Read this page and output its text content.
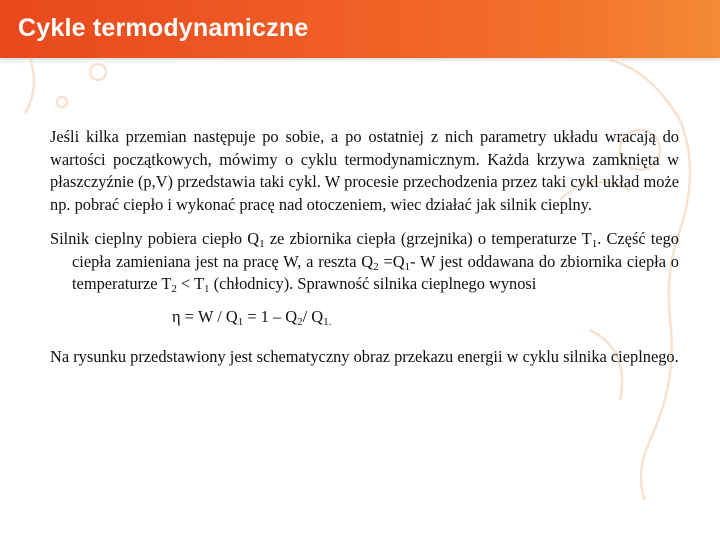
Cykle termodynamiczne

Jeśli kilka przemian następuje po sobie, a po ostatniej z nich parametry układu wracają do wartości początkowych, mówimy o cyklu termodynamicznym. Każda krzywa zamknięta w płaszczyźnie (p,V) przedstawia taki cykl. W procesie przechodzenia przez taki cykl układ może np. pobrać ciepło i wykonać pracę nad otoczeniem, wiec działać jak silnik cieplny.

Silnik cieplny pobiera ciepło $Q_1$ ze zbiornika ciepła (grzejnika) o temperaturze $T_1$. Część tego ciepła zamieniana jest na pracę W, a reszta $Q_2 =Q_1-$ W jest oddawana do zbiornika ciepła o temperaturze $T_2 < T_1$ (chłodnicy). Sprawność silnika cieplnego wynosi

$\eta = W / Q_1 = 1 - Q_2/$ $Q_{1.}$

Na rysunku przedstawiony jest schematyczny obraz przekazu energii w cyklu silnika cieplnego.
